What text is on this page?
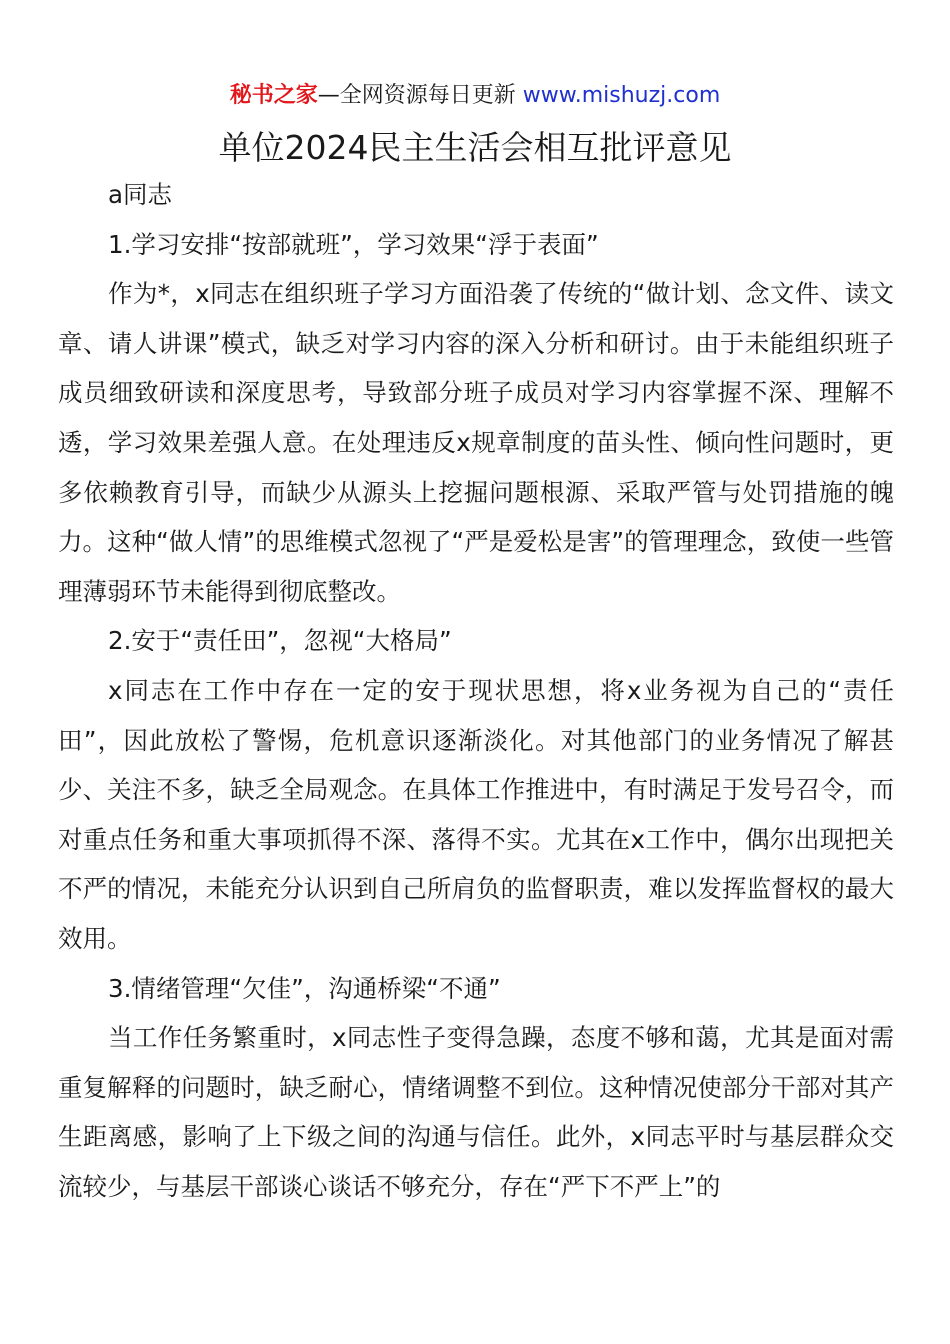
秘书之家—全网资源每日更新 www.mishuzj.com
单位2024民主生活会相互批评意见

a同志

1.学习安排“按部就班”，学习效果“浮于表面”

作为*，x同志在组织班子学习方面沿袭了传统的“做计划、念文件、读文章、请人讲课”模式，缺乏对学习内容的深入分析和研讨。由于未能组织班子成员细致研读和深度思考，导致部分班子成员对学习内容掌握不深、理解不透，学习效果差强人意。在处理违反x规章制度的苗头性、倾向性问题时，更多依赖教育引导，而缺少从源头上挖掘问题根源、采取严管与处罚措施的魄力。这种“做人情”的思维模式忽视了“严是爱松是害”的管理理念，致使一些管理薄弱环节未能得到彻底整改。

2.安于“责任田”，忽视“大格局”

x同志在工作中存在一定的安于现状思想，将x业务视为自己的“责任田”，因此放松了警惕，危机意识逐渐淡化。对其他部门的业务情况了解甚少、关注不多，缺乏全局观念。在具体工作推进中，有时满足于发号召令，而对重点任务和重大事项抓得不深、落得不实。尤其在x工作中，偶尔出现把关不严的情况，未能充分认识到自己所肩负的监督职责，难以发挥监督权的最大效用。

3.情绪管理“欠佳”，沟通桥梁“不通”

当工作任务繁重时，x同志性子变得急躁，态度不够和蔼，尤其是面对需重复解释的问题时，缺乏耐心，情绪调整不到位。这种情况使部分干部对其产生距离感，影响了上下级之间的沟通与信任。此外，x同志平时与基层群众交流较少，与基层干部谈心谈话不够充分，存在“严下不严上”的
